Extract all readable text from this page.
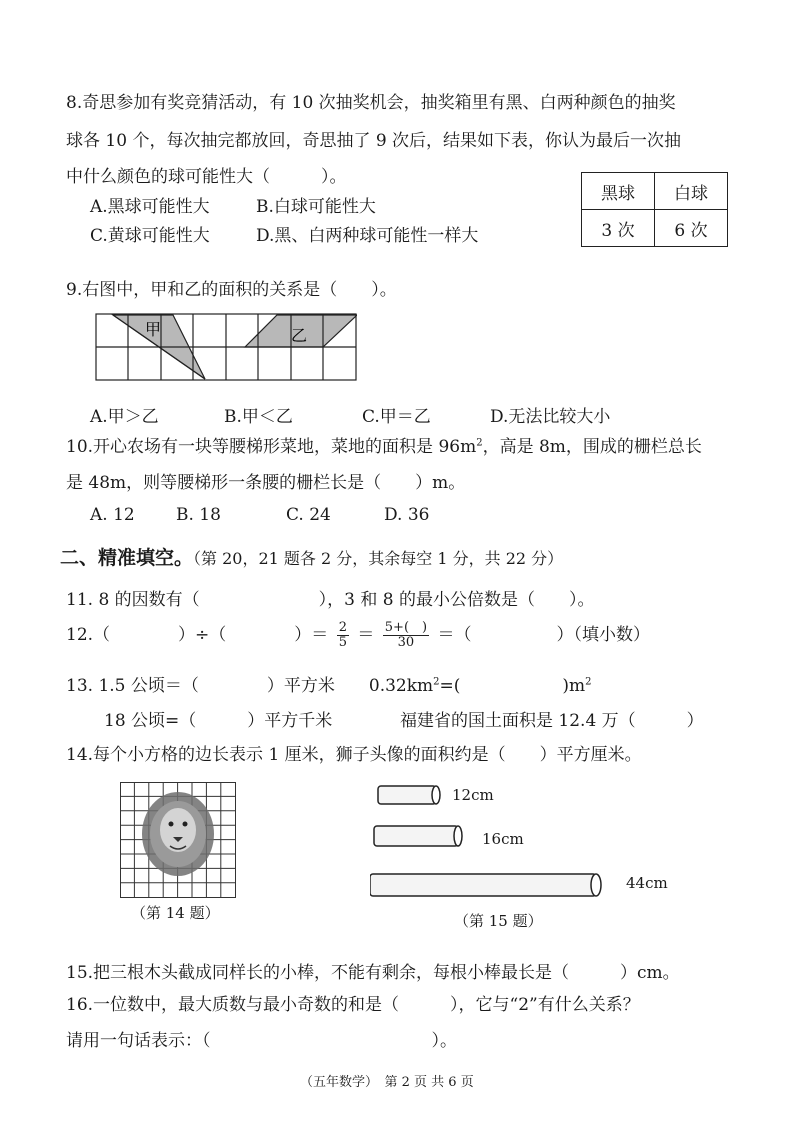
8.奇思参加有奖竞猜活动，有 10 次抽奖机会，抽奖箱里有黑、白两种颜色的抽奖
球各 10 个，每次抽完都放回，奇思抽了 9 次后，结果如下表，你认为最后一次抽
中什么颜色的球可能性大（　　　）。
A.黑球可能性大	B.白球可能性大
C.黄球可能性大	D.黑、白两种球可能性一样大
黑球	白球
3 次	6 次
9.右图中，甲和乙的面积的关系是（　　）。
甲	乙
A.甲＞乙	B.甲＜乙	C.甲＝乙	D.无法比较大小
10.开心农场有一块等腰梯形菜地，菜地的面积是 $96m^2$，高是 8m，围成的栅栏总长
是 48m，则等腰梯形一条腰的栅栏长是（　　）m。
A. 12 B. 18	C. 24	D. 36
二、精准填空。（第 20，21 题各 2 分，其余每空 1 分，共 22 分）
11. 8 的因数有（　　　　　　　），3 和 8 的最小公倍数是（　　）。
12.（　　　　）÷（　　　　）＝ $\frac{2}{5} = \frac{5+( )}{30}$ ＝（　　　　　）（填小数）
13. 1.5 公顷＝（　　　　）平方米　　$0.32km^2=$(　　　　　　)$m^2$
18 公顷=（　　　）平方千米	福建省的国土面积是 12.4 万（　　　）
14.每个小方格的边长表示 1 厘米，狮子头像的面积约是（　　）平方厘米。
（第 14 题）
12cm
16cm
44cm
（第 15 题）
15.把三根木头截成同样长的小棒，不能有剩余，每根小棒最长是（　　　）cm。
16.一位数中，最大质数与最小奇数的和是（　　　），它与“2”有什么关系？
请用一句话表示：（　　　　　　　　　　　　　）。
（五年数学）　第 2 页 共 6 页
